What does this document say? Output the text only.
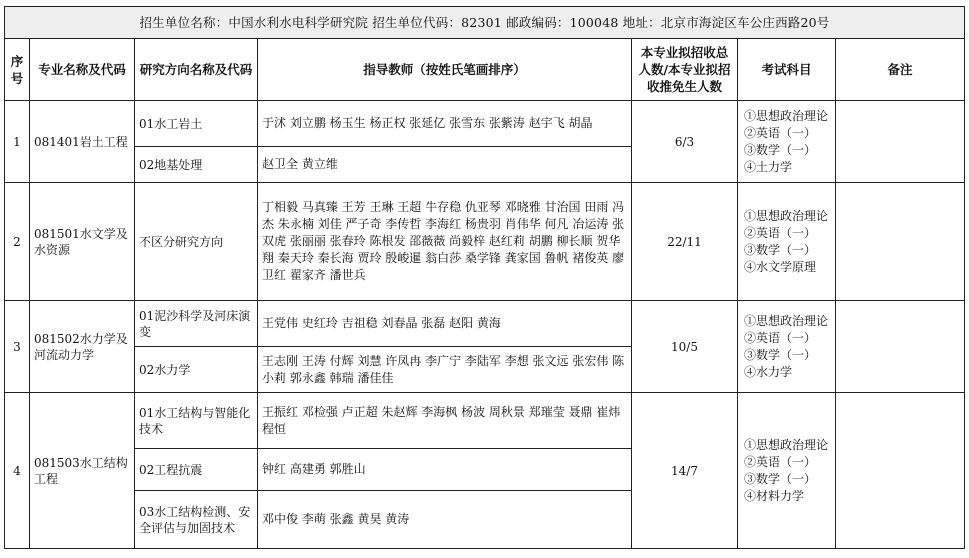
招生单位名称：中国水利水电科学研究院 招生单位代码：82301 邮政编码：100048 地址：北京市海淀区车公庄西路20号						
序号	专业名称及代码	研究方向名称及代码	指导教师（按姓氏笔画排序）	本专业拟招收总人数/本专业拟招收推免生人数	考试科目	备注
1	081401岩土工程	01水工岩土	于沭 刘立鹏 杨玉生 杨正权 张延亿 张雪东 张紫涛 赵宇飞 胡晶	6/3	①思想政治理论
②英语（一）
③数学（一）
④土力学	

		02地基处理	赵卫全 黄立维			
2	081501水文学及水资源	不区分研究方向	丁相毅 马真臻 王芳 王琳 王超 牛存稳 仇亚琴 邓晓雅 甘治国 田雨 冯杰 朱永楠 刘佳 严子奇 李传哲 李海红 杨贵羽 肖伟华 何凡 冶运涛 张双虎 张丽丽 张春玲 陈根发 邵薇薇 尚毅梓 赵红莉 胡鹏 柳长顺 贺华翔 秦天玲 秦长海 贾玲 殷峻暹 翁白莎 桑学锋 龚家国 鲁帆 褚俊英 廖卫红 翟家齐 潘世兵	22/11	①思想政治理论
②英语（一）
③数学（一）
④水文学原理	

3	081502水力学及河流动力学	01泥沙科学及河床演变	王党伟 史红玲 吉祖稳 刘春晶 张磊 赵阳 黄海	10/5	①思想政治理论
②英语（一）
③数学（一）
④水力学	

		02水力学	王志刚 王涛 付辉 刘慧 许凤冉 李广宁 李陆军 李想 张文远 张宏伟 陈小莉 郭永鑫 韩瑞 潘佳佳			
4	081503水工结构工程	01水工结构与智能化技术	王振红 邓检强 卢正超 朱赵辉 李海枫 杨波 周秋景 郑璀莹 聂鼎 崔炜 程恒	14/7	①思想政治理论
②英语（一）
③数学（一）
④材料力学	

		02工程抗震	钟红 高建勇 郭胜山			
		03水工结构检测、安全评估与加固技术	邓中俊 李萌 张鑫 黄昊 黄涛			
